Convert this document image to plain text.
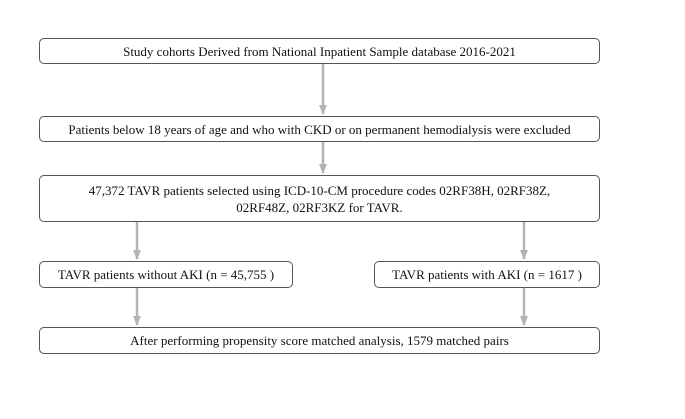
Study cohorts Derived from National Inpatient Sample database 2016-2021
Patients below 18 years of age and who with CKD or on permanent hemodialysis were excluded
47,372 TAVR patients selected using ICD-10-CM procedure codes 02RF38H, 02RF38Z,
02RF48Z, 02RF3KZ for TAVR.
TAVR patients without AKI (n = 45,755 )	TAVR patients with AKI (n = 1617 )
After performing propensity score matched analysis, 1579 matched pairs
